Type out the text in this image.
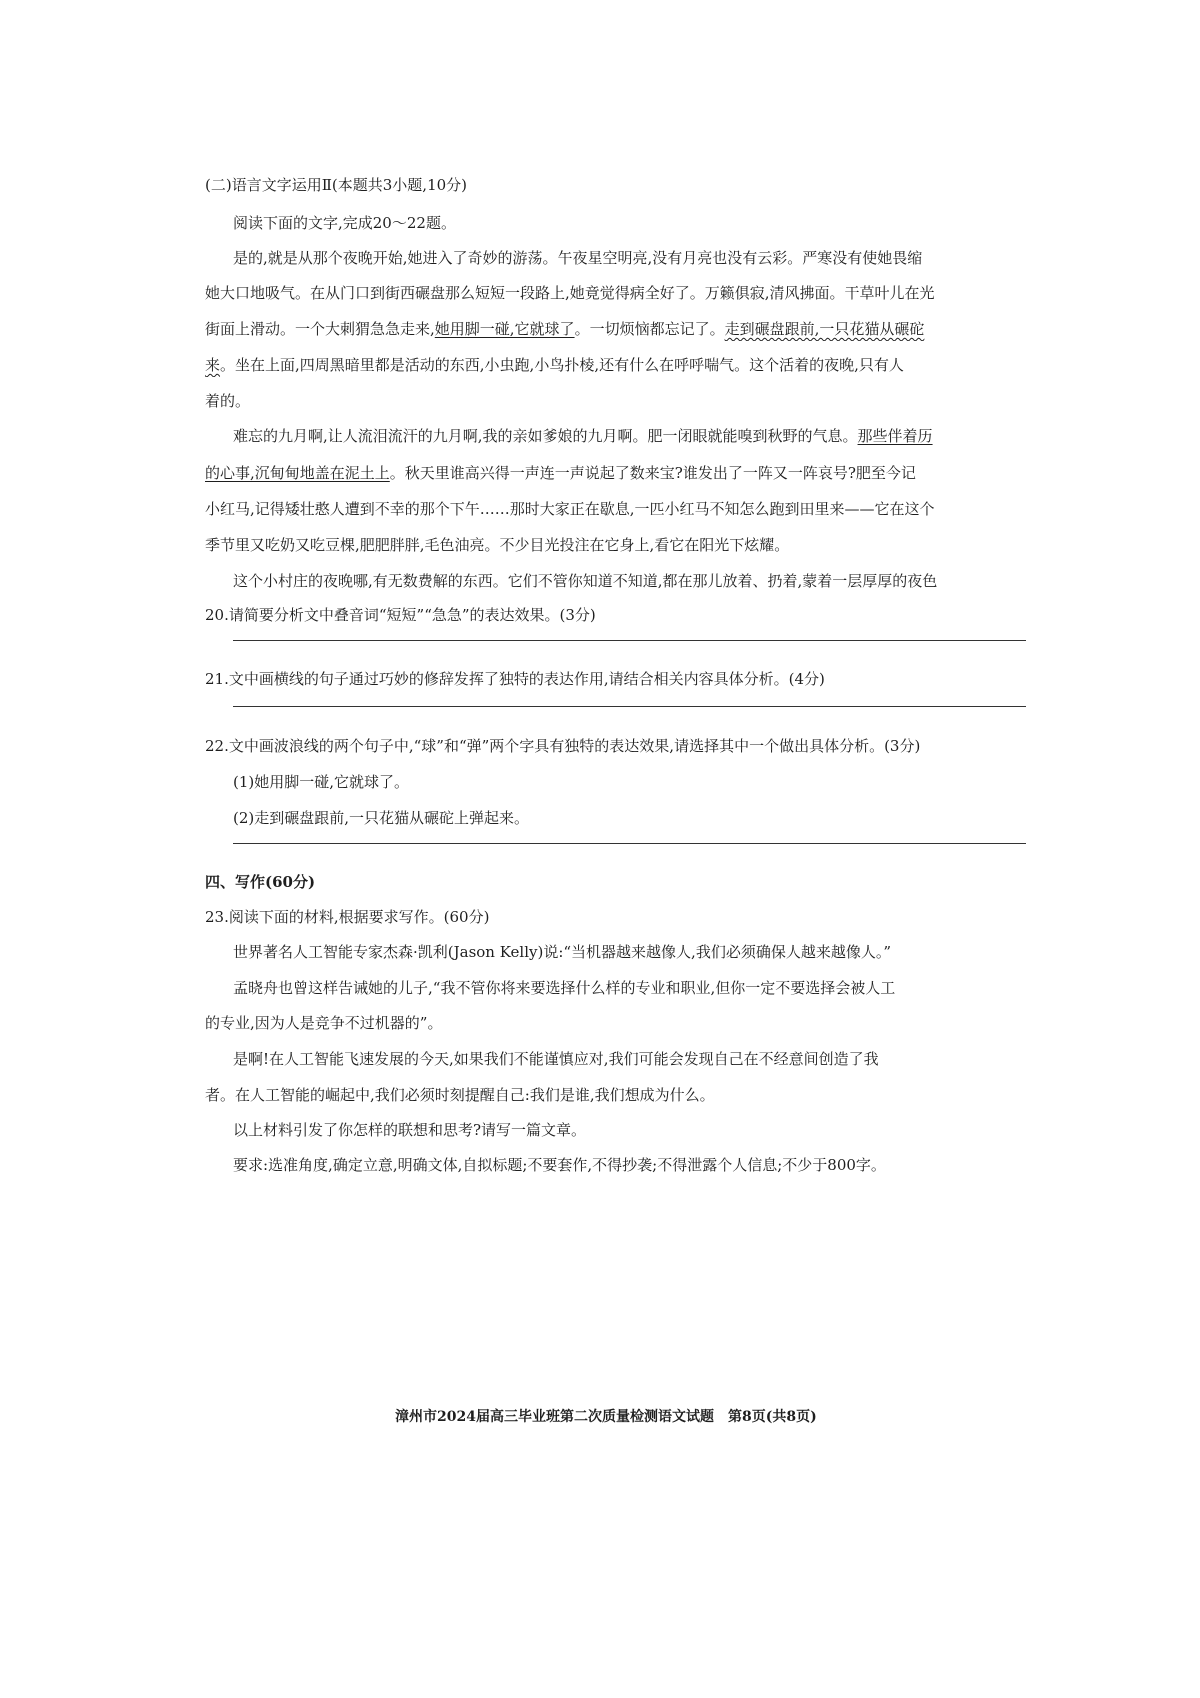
(二)语言文字运用Ⅱ(本题共3小题,10分)
阅读下面的文字,完成20～22题。
是的,就是从那个夜晚开始,她进入了奇妙的游荡。午夜星空明亮,没有月亮也没有云彩。严寒没有使她畏缩
她大口地吸气。在从门口到街西碾盘那么短短一段路上,她竟觉得病全好了。万籁俱寂,清风拂面。干草叶儿在光
街面上滑动。一个大刺猬急急走来,她用脚一碰,它就球了。一切烦恼都忘记了。走到碾盘跟前,一只花猫从碾砣
来。坐在上面,四周黑暗里都是活动的东西,小虫跑,小鸟扑棱,还有什么在呼呼喘气。这个活着的夜晚,只有人
着的。
难忘的九月啊,让人流泪流汗的九月啊,我的亲如爹娘的九月啊。肥一闭眼就能嗅到秋野的气息。那些伴着历
的心事,沉甸甸地盖在泥土上。秋天里谁高兴得一声连一声说起了数来宝?谁发出了一阵又一阵哀号?肥至今记
小红马,记得矮壮憨人遭到不幸的那个下午……那时大家正在歇息,一匹小红马不知怎么跑到田里来——它在这个
季节里又吃奶又吃豆棵,肥肥胖胖,毛色油亮。不少目光投注在它身上,看它在阳光下炫耀。
这个小村庄的夜晚哪,有无数费解的东西。它们不管你知道不知道,都在那儿放着、扔着,蒙着一层厚厚的夜色
20.请简要分析文中叠音词“短短”“急急”的表达效果。(3分)
21.文中画横线的句子通过巧妙的修辞发挥了独特的表达作用,请结合相关内容具体分析。(4分)
22.文中画波浪线的两个句子中,“球”和“弹”两个字具有独特的表达效果,请选择其中一个做出具体分析。(3分)
(1)她用脚一碰,它就球了。
(2)走到碾盘跟前,一只花猫从碾砣上弹起来。
四、写作(60分)
23.阅读下面的材料,根据要求写作。(60分)
世界著名人工智能专家杰森·凯利(Jason Kelly)说:“当机器越来越像人,我们必须确保人越来越像人。”
孟晓舟也曾这样告诫她的儿子,“我不管你将来要选择什么样的专业和职业,但你一定不要选择会被人工
的专业,因为人是竞争不过机器的”。
是啊!在人工智能飞速发展的今天,如果我们不能谨慎应对,我们可能会发现自己在不经意间创造了我
者。在人工智能的崛起中,我们必须时刻提醒自己:我们是谁,我们想成为什么。
以上材料引发了你怎样的联想和思考?请写一篇文章。
要求:选准角度,确定立意,明确文体,自拟标题;不要套作,不得抄袭;不得泄露个人信息;不少于800字。
漳州市2024届高三毕业班第二次质量检测语文试题　第8页(共8页)
